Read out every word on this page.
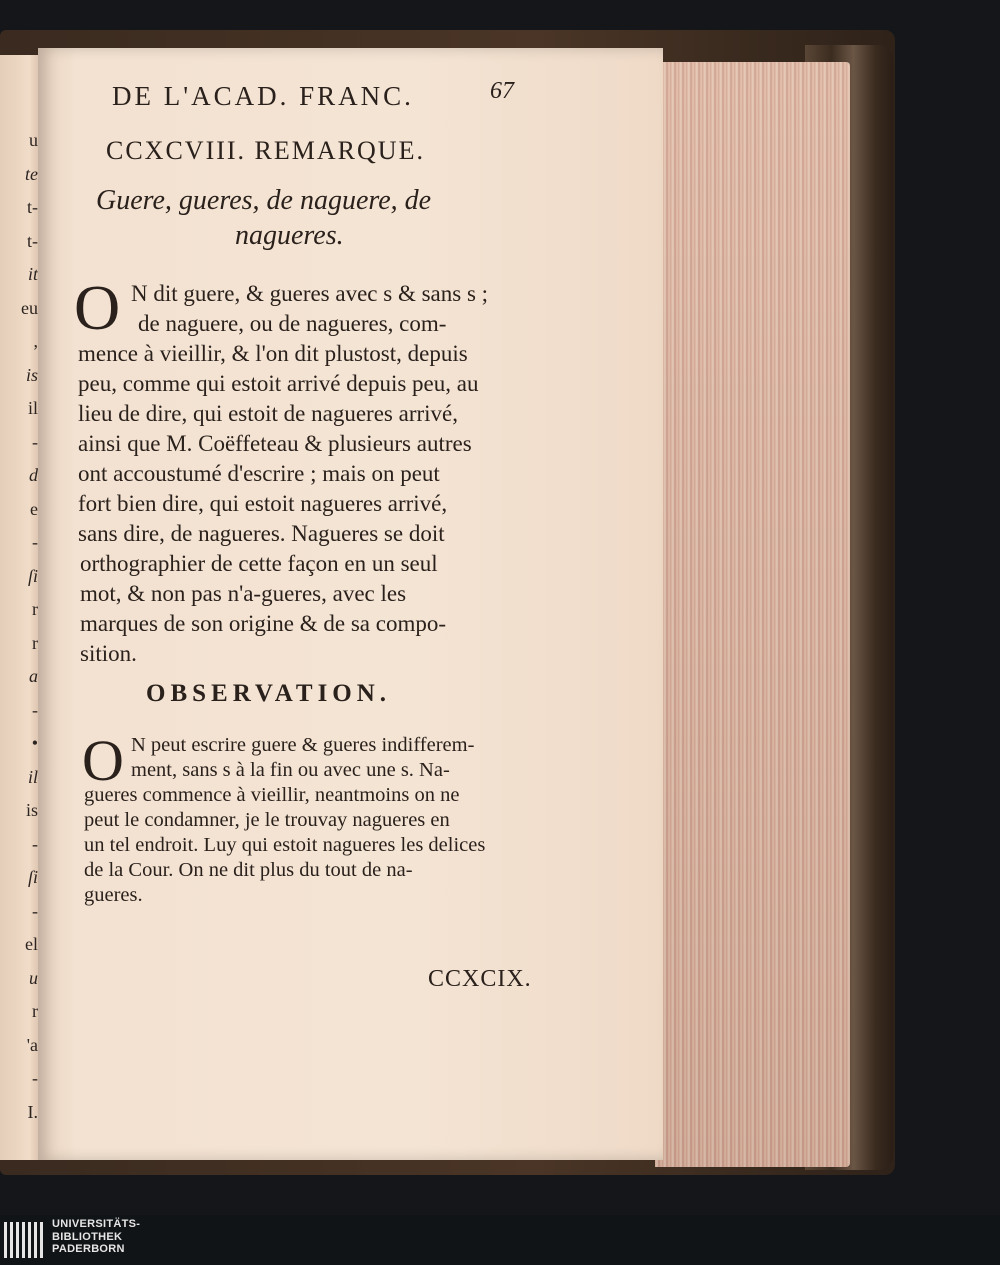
u
te
t-
t-
it
eu
,
is
il
-
d
e
-
ſi
r
r
a
-
•
il
is
-
ſi
-
el
u
r
'a
-
I.
DE L'ACAD. FRANC.	67
CCXCVIII. REMARQUE.
Guere, gueres, de naguere, de
nagueres.
O N dit guere, & gueres avec s & sans s ;

de naguere, ou de nagueres, com-

mence à vieillir, & l'on dit plustost, depuis

peu, comme qui estoit arrivé depuis peu, au

lieu de dire, qui estoit de nagueres arrivé,

ainsi que M. Coëffeteau & plusieurs autres

ont accoustumé d'escrire ; mais on peut

fort bien dire, qui estoit nagueres arrivé,

sans dire, de nagueres. Nagueres se doit

orthographier de cette façon en un seul

mot, & non pas n'a-gueres, avec les

marques de son origine & de sa compo-

sition.

OBSERVATION.
O N peut escrire guere & gueres indifferem-

ment, sans s à la fin ou avec une s. Na-

gueres commence à vieillir, neantmoins on ne

peut le condamner, je le trouvay nagueres en

un tel endroit. Luy qui estoit nagueres les delices

de la Cour. On ne dit plus du tout de na-

gueres.

CCXCIX.
UNIVERSITÄTS-
BIBLIOTHEK
PADERBORN
